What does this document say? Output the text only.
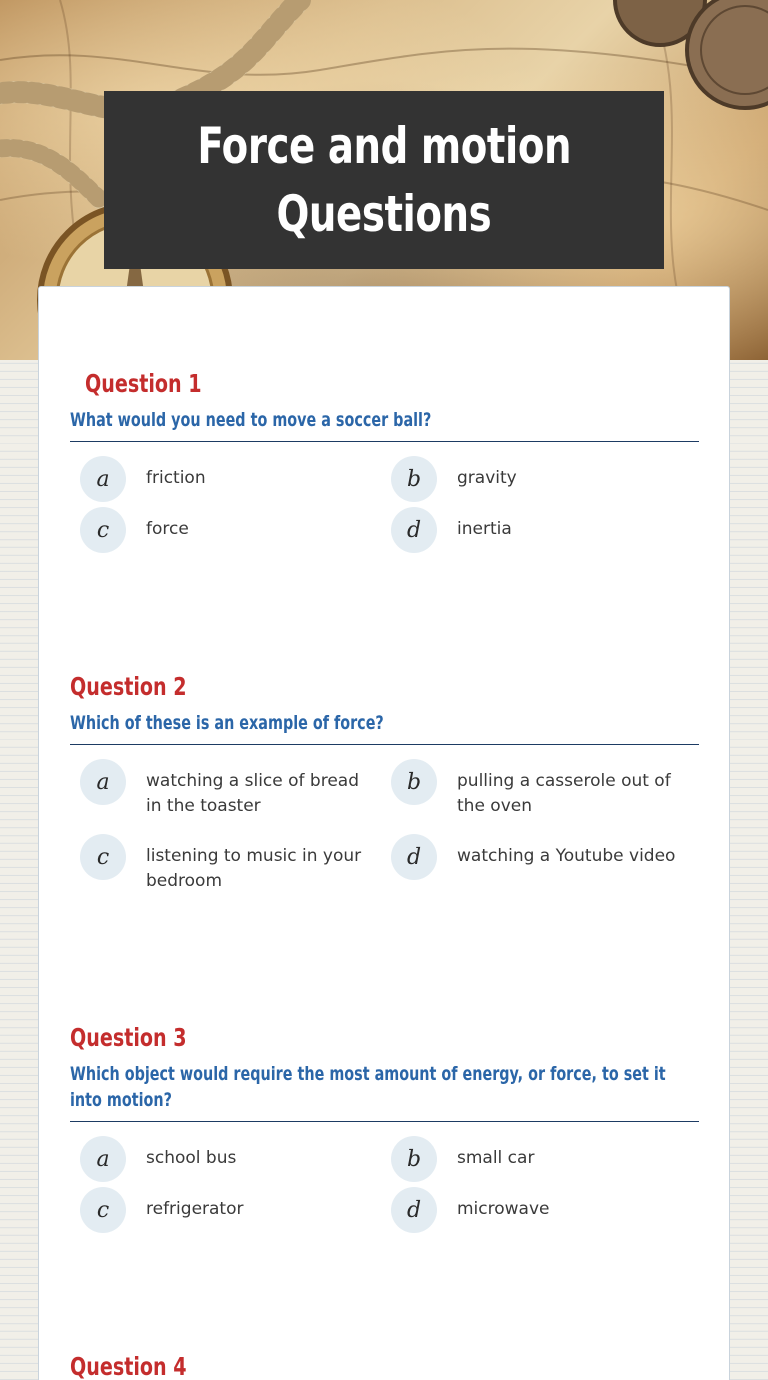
Force and motion
Questions
Question 1
What would you need to move a soccer ball?
a	friction	b	gravity
c	force	d	inertia
Question 2
Which of these is an example of force?
a	watching a slice of bread in the toaster
b	pulling a casserole out of the oven
c	listening to music in your bedroom
d	watching a Youtube video
Question 3
Which object would require the most amount of energy, or force, to set it into motion?
a	school bus	b	small car
c	refrigerator	d	microwave
Question 4
